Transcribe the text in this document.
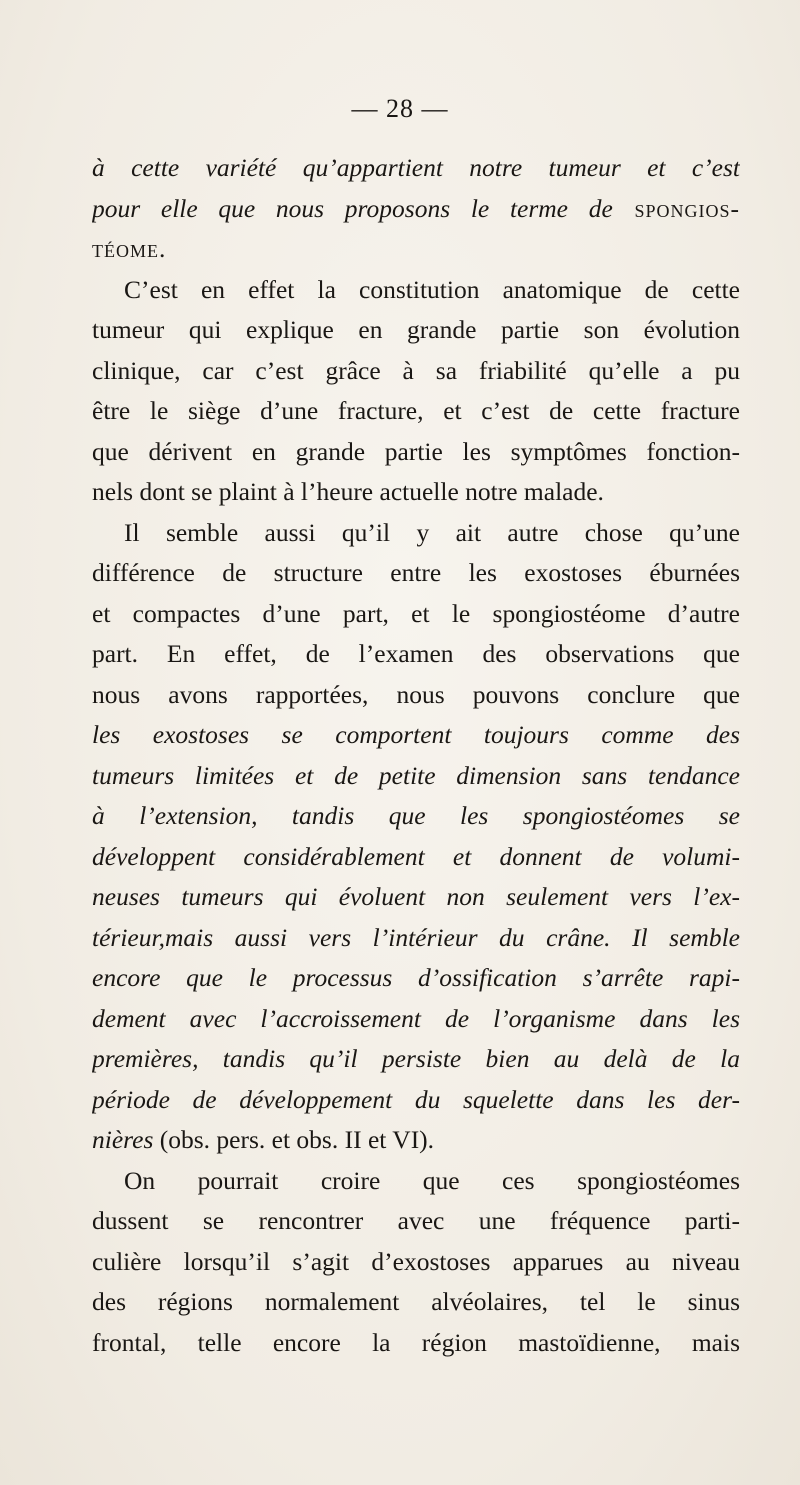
— 28 —
à cette variété qu’appartient notre tumeur et c’est
pour elle que nous proposons le terme de spongios-
téome.
C’est en effet la constitution anatomique de cette
tumeur qui explique en grande partie son évolution
clinique, car c’est grâce à sa friabilité qu’elle a pu
être le siège d’une fracture, et c’est de cette fracture
que dérivent en grande partie les symptômes fonction-
nels dont se plaint à l’heure actuelle notre malade.
Il semble aussi qu’il y ait autre chose qu’une
différence de structure entre les exostoses éburnées
et compactes d’une part, et le spongiostéome d’autre
part. En effet, de l’examen des observations que
nous avons rapportées, nous pouvons conclure que
les exostoses se comportent toujours comme des
tumeurs limitées et de petite dimension sans tendance
à l’extension, tandis que les spongiostéomes se
développent considérablement et donnent de volumi-
neuses tumeurs qui évoluent non seulement vers l’ex-
térieur,mais aussi vers l’intérieur du crâne. Il semble
encore que le processus d’ossification s’arrête rapi-
dement avec l’accroissement de l’organisme dans les
premières, tandis qu’il persiste bien au delà de la
période de développement du squelette dans les der-
nières (obs. pers. et obs. II et VI).
On pourrait croire que ces spongiostéomes
dussent se rencontrer avec une fréquence parti-
culière lorsqu’il s’agit d’exostoses apparues au niveau
des régions normalement alvéolaires, tel le sinus
frontal, telle encore la région mastoïdienne, mais
